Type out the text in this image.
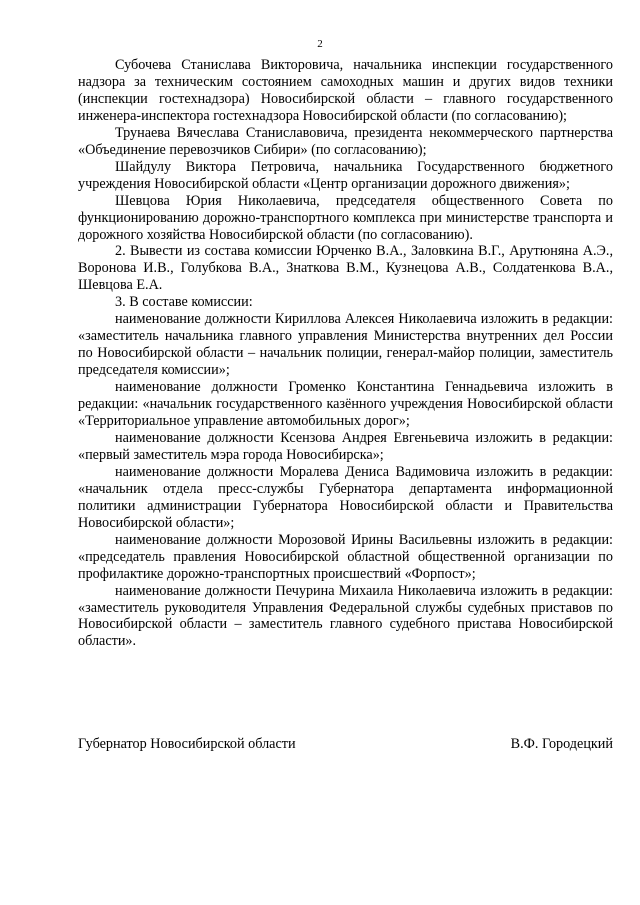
2

Субочева Станислава Викторовича, начальника инспекции государственного надзора за техническим состоянием самоходных машин и других видов техники (инспекции гостехнадзора) Новосибирской области – главного государственного инженера-инспектора гостехнадзора Новосибирской области (по согласованию);

Трунаева Вячеслава Станиславовича, президента некоммерческого партнерства «Объединение перевозчиков Сибири» (по согласованию);

Шайдулу Виктора Петровича, начальника Государственного бюджетного учреждения Новосибирской области «Центр организации дорожного движения»;

Шевцова Юрия Николаевича, председателя общественного Совета по функционированию дорожно-транспортного комплекса при министерстве транспорта и дорожного хозяйства Новосибирской области (по согласованию).

2. Вывести из состава комиссии Юрченко В.А., Заловкина В.Г., Арутюняна А.Э., Воронова И.В., Голубкова В.А., Знаткова В.М., Кузнецова А.В., Солдатенкова В.А., Шевцова Е.А.

3. В составе комиссии:

наименование должности Кириллова Алексея Николаевича изложить в редакции: «заместитель начальника главного управления Министерства внутренних дел России по Новосибирской области – начальник полиции, генерал-майор полиции, заместитель председателя комиссии»;

наименование должности Громенко Константина Геннадьевича изложить в редакции: «начальник государственного казённого учреждения Новосибирской области «Территориальное управление автомобильных дорог»;

наименование должности Ксензова Андрея Евгеньевича изложить в редакции: «первый заместитель мэра города Новосибирска»;

наименование должности Моралева Дениса Вадимовича изложить в редакции: «начальник отдела пресс-службы Губернатора департамента информационной политики администрации Губернатора Новосибирской области и Правительства Новосибирской области»;

наименование должности Морозовой Ирины Васильевны изложить в редакции: «председатель правления Новосибирской областной общественной организации по профилактике дорожно-транспортных происшествий «Форпост»;

наименование должности Печурина Михаила Николаевича изложить в редакции: «заместитель руководителя Управления Федеральной службы судебных приставов по Новосибирской области – заместитель главного судебного пристава Новосибирской области».

Губернатор Новосибирской области	В.Ф. Городецкий
